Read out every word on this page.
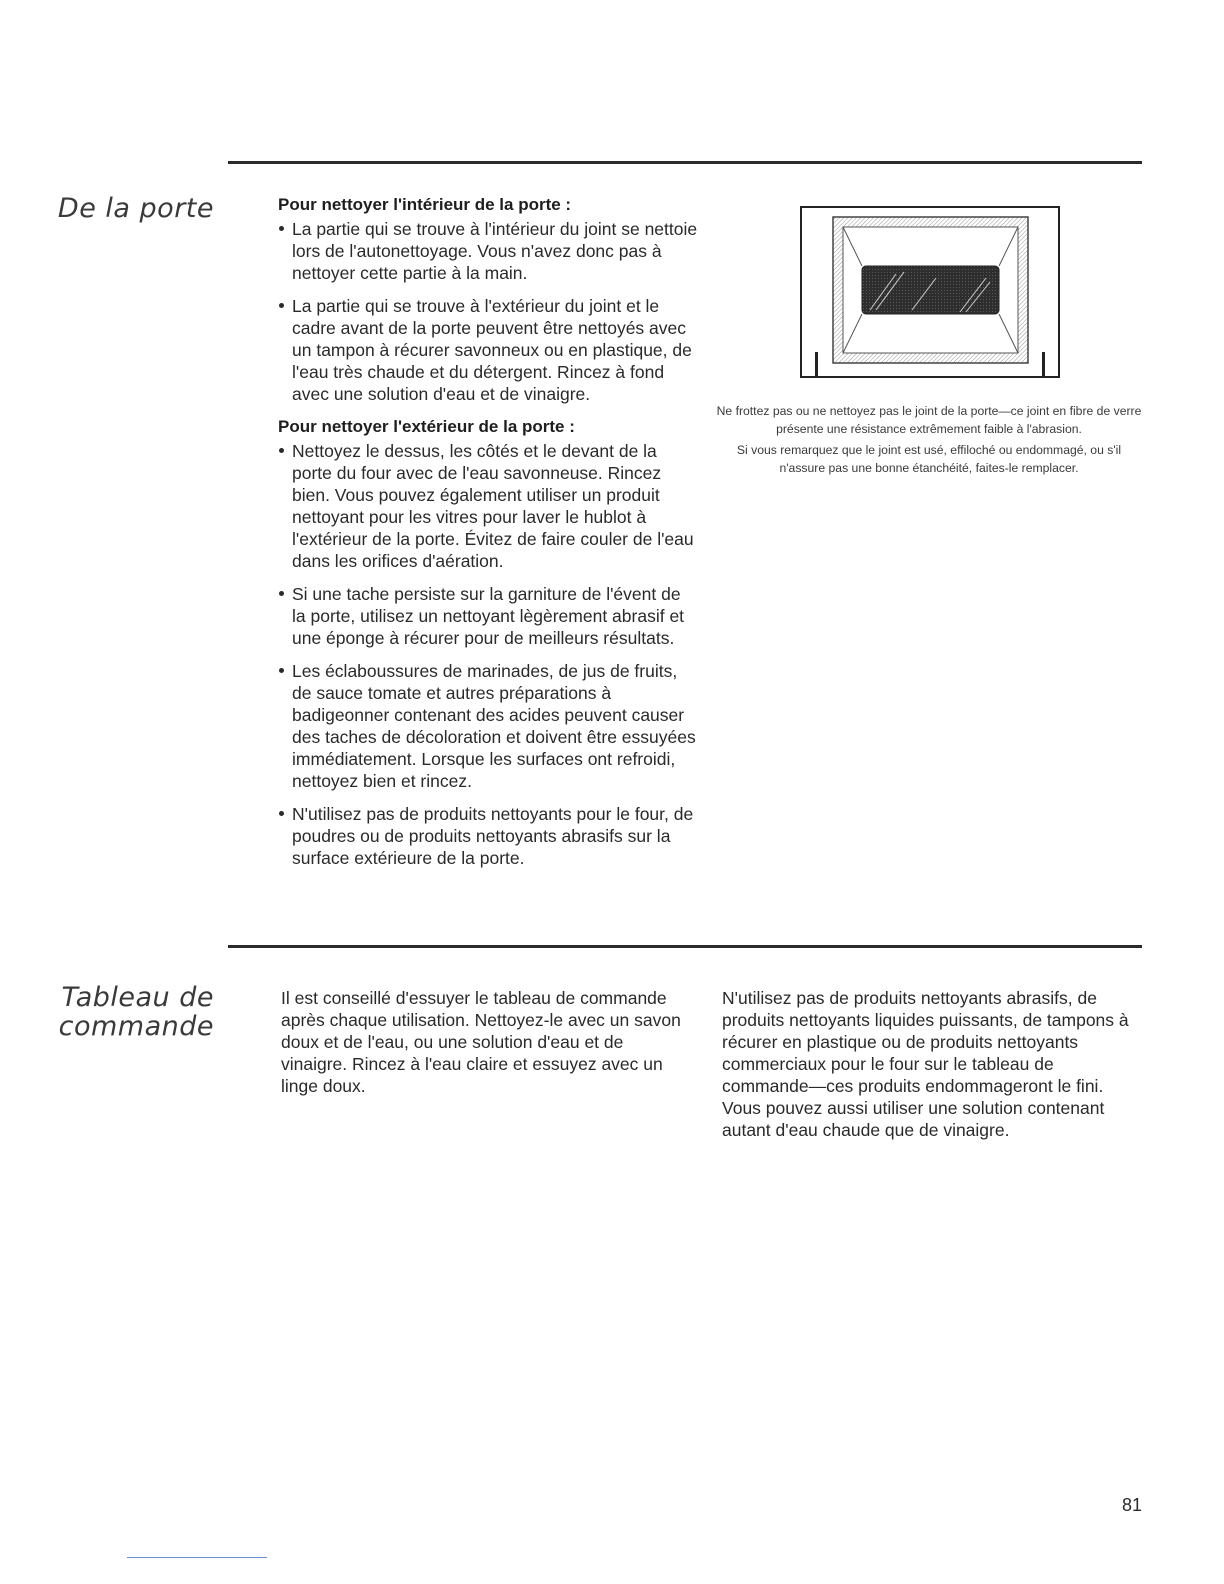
De la porte	Pour nettoyer l'intérieur de la porte :

La partie qui se trouve à l'intérieur du joint se nettoie lors de l'autonettoyage. Vous n'avez donc pas à nettoyer cette partie à la main.
La partie qui se trouve à l'extérieur du joint et le cadre avant de la porte peuvent être nettoyés avec un tampon à récurer savonneux ou en plastique, de l'eau très chaude et du détergent. Rincez à fond avec une solution d'eau et de vinaigre.

Pour nettoyer l'extérieur de la porte :

Nettoyez le dessus, les côtés et le devant de la porte du four avec de l'eau savonneuse. Rincez bien. Vous pouvez également utiliser un produit nettoyant pour les vitres pour laver le hublot à l'extérieur de la porte. Évitez de faire couler de l'eau dans les orifices d'aération.
Si une tache persiste sur la garniture de l'évent de la porte, utilisez un nettoyant lègèrement abrasif et une éponge à récurer pour de meilleurs résultats.
Les éclaboussures de marinades, de jus de fruits, de sauce tomate et autres préparations à badigeonner contenant des acides peuvent causer des taches de décoloration et doivent être essuyées immédiatement. Lorsque les surfaces ont refroidi, nettoyez bien et rincez.
N'utilisez pas de produits nettoyants pour le four, de poudres ou de produits nettoyants abrasifs sur la surface extérieure de la porte.

Ne frottez pas ou ne nettoyez pas le joint de la porte—ce joint en fibre de verre présente une résistance extrêmement faible à l'abrasion.

Si vous remarquez que le joint est usé, effiloché ou endommagé, ou s'il n'assure pas une bonne étanchéité, faites-le remplacer.

Tableau de
commande

Il est conseillé d'essuyer le tableau de commande après chaque utilisation. Nettoyez-le avec un savon doux et de l'eau, ou une solution d'eau et de vinaigre. Rincez à l'eau claire et essuyez avec un linge doux.

N'utilisez pas de produits nettoyants abrasifs, de produits nettoyants liquides puissants, de tampons à récurer en plastique ou de produits nettoyants commerciaux pour le four sur le tableau de commande—ces produits endommageront le fini. Vous pouvez aussi utiliser une solution contenant autant d'eau chaude que de vinaigre.

81
